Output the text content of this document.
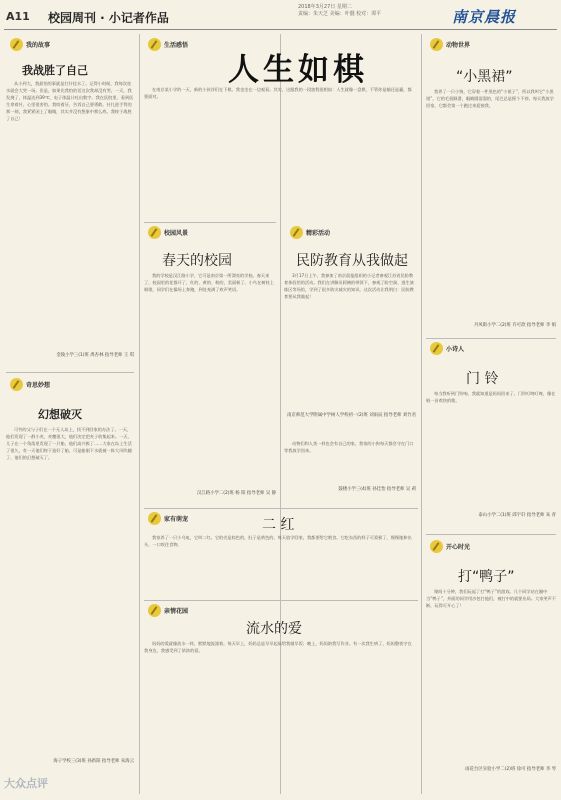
A11 校园周刊 · 小记者作品
2018年3月27日 星期二
责编：朱天芝 美编：叶靓 校对：谭平	南京晨报
我的故事
我战胜了自己

从小到大，我最怕的事就是打针挂水了。记得小时候，我每次挂水就会大哭一场。但是，如果比我怕的话这次我却没有哭。一天，我发烧了，体温达到39℃，电子体温计吐出数字。我在医院里，看到医生拿着针，心里很害怕。我咬着牙，告诉自己要勇敢。针扎进手背的那一刻，我紧紧闭上了眼睛，其实并没有想象中那么疼。我终于战胜了自己！

金陵小学三(1)班 禹杏林 指导老师 王 琪
奇思妙想
幻想破灭

可怜的父与子们在一个无人岛上，找不到回家的办法了。一天，他们发现了一群小麦，麦穗很大，他们决定把麦子收集起来。一天，儿子在一个角落里发现了一只船，他们高兴极了……大家在岛上生活了很久，有一天他们终于造好了船，可是船刚下水就被一阵大风吹翻了，他们的幻想破灭了。

海子学校三(3)班 孙新阳 指导老师 朱海云
生活感悟
人生如棋

在南京某小学的一天，新的小伙伴们在下棋。我也坐在一边观看。其实，这跟我的一段旅程很相似：人生就像一盘棋，不管你是输还是赢，都要面对。

校园风景
春天的校园

我的学校是汉江路小学，它可是南京第一所漂亮的学校。春天来了，校园里的花都开了，红的、黄的、粉的，美丽极了。小鸟在树枝上唱歌，同学们在操场上奔跑，到处充满了欢声笑语。

汉江路小学二(2)班 杨 阳 指导老师 吴 静
家有萌宠	二 红

我家养了一只小乌龟，它叫二红。它的壳是棕色的，肚子是黄色的。每天放学回家，我都要给它喂食。它吃东西的样子可爱极了，慢慢地伸出头，一口咬住食物。

亲情花园
流水的爱

妈妈的爱就像流水一样，默默地流淌着。每天早上，妈妈总是早早起床给我做早饭；晚上，妈妈陪我写作业。有一次我生病了，妈妈整夜守在我身边，我感受到了浓浓的爱。

精彩活动
民防教育从我做起

3月17日上午，我参加了南京晨报组织的小记者参观江苏省民防教育体验馆的活动。我们在讲解员阿姨的带领下，参观了防空洞、逃生演练区等场馆，学到了很多防灾减灾的知识。这次活动让我明白：民防教育要从我做起！

南京师范大学附属中学树人学校初一(2)班 刘雨辰 指导老师 刘竹君

动物们和人类一样也会有自己的家，我家的小狗每天都会守在门口等我放学回来。

鼓楼小学三(4)班 孙佳怡 指导老师 吴 莉
动物世界
“小黑裙”

我养了一只小狗，它穿着一件黑色的“小裙子”，所以我叫它“小黑裙”。它的毛很顺滑，眼睛圆溜溜的，尾巴总是摇个不停。每天我放学回家，它都会第一个跑过来迎接我。

丹凤街小学二(2)班 许可歆 指导老师 李 娟
小诗人
门 铃

每当我听到门铃响，我就知道是妈妈回来了。门铃叮咚叮咚，像在唱一首欢快的歌。

泰山小学二(1)班 邱宇轩 指导老师 朱 青
开心时光
打“鸭子”

课间十分钟，我们玩起了打“鸭子”的游戏。几个同学站在圈中当“鸭子”，外面的同学用沙包打他们，被打中的就要出局。大家笑声不断，玩得可开心了！

雨花台区实验小学二(2)班 徐可 指导老师 李 琴
大众点评
